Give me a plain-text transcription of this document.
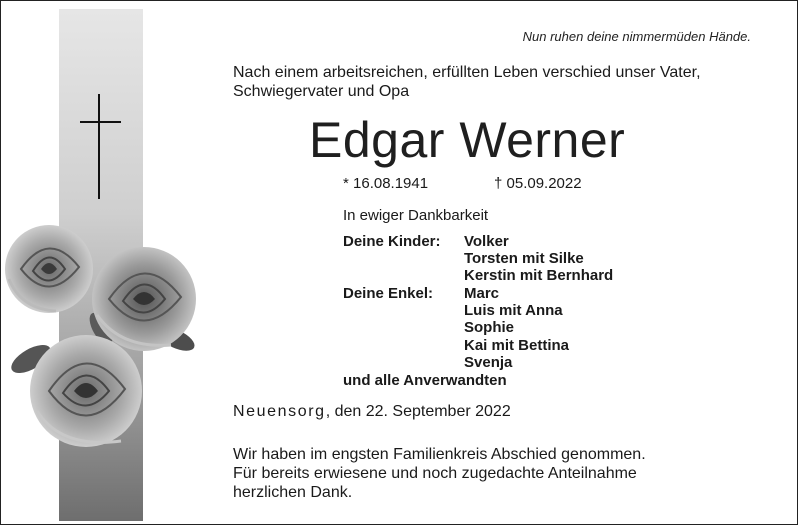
Nun ruhen deine nimmermüden Hände.
Nach einem arbeitsreichen, erfüllten Leben verschied unser Vater,
Schwiegervater und Opa
Edgar Werner
* 16.08.1941	† 05.09.2022
In ewiger Dankbarkeit
Deine Kinder: Volker
Torsten mit Silke
Kerstin mit Bernhard
Deine Enkel: Marc
Luis mit Anna
Sophie
Kai mit Bettina
Svenja
und alle Anverwandten
Neuensorg, den 22. September 2022
Wir haben im engsten Familienkreis Abschied genommen.
Für bereits erwiesene und noch zugedachte Anteilnahme
herzlichen Dank.
